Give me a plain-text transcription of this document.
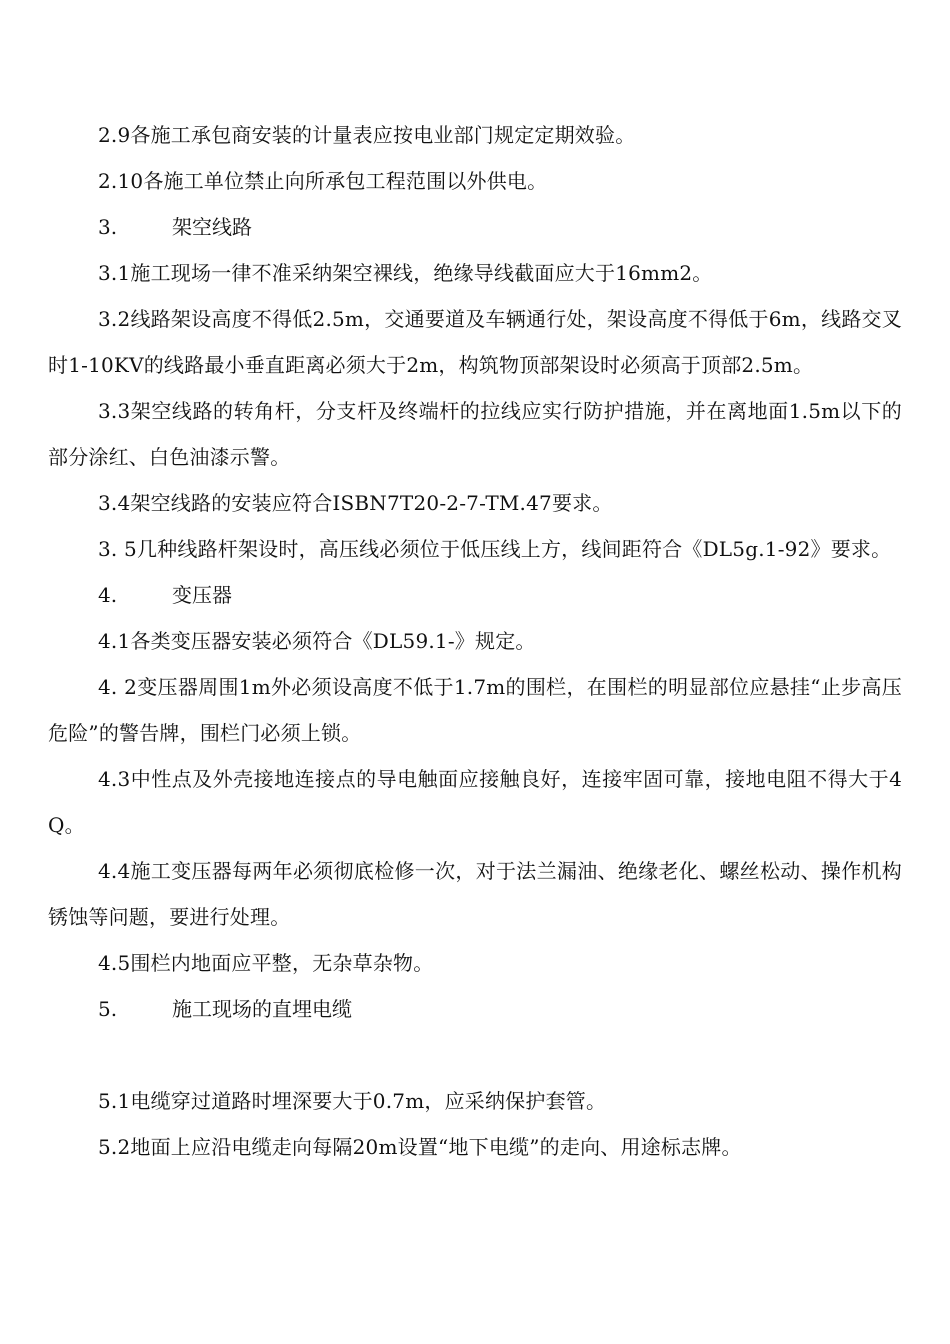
2.9各施工承包商安装的计量表应按电业部门规定定期效验。

2.10各施工单位禁止向所承包工程范围以外供电。

3.	架空线路

3.1施工现场一律不准采纳架空裸线，绝缘导线截面应大于16mm2。

3.2线路架设高度不得低2.5m，交通要道及车辆通行处，架设高度不得低于6m，线路交叉时1-10KV的线路最小垂直距离必须大于2m，构筑物顶部架设时必须高于顶部2.5m。

3.3架空线路的转角杆，分支杆及终端杆的拉线应实行防护措施，并在离地面1.5m以下的部分涂红、白色油漆示警。

3.4架空线路的安装应符合ISBN7T20-2-7-TM.47要求。

3. 5几种线路杆架设时，高压线必须位于低压线上方，线间距符合《DL5g.1-92》要求。

4.	变压器

4.1各类变压器安装必须符合《DL59.1-》规定。

4. 2变压器周围1m外必须设高度不低于1.7m的围栏，在围栏的明显部位应悬挂“止步高压危险”的警告牌，围栏门必须上锁。

4.3中性点及外壳接地连接点的导电触面应接触良好，连接牢固可靠，接地电阻不得大于4Q。

4.4施工变压器每两年必须彻底检修一次，对于法兰漏油、绝缘老化、螺丝松动、操作机构锈蚀等问题，要进行处理。

4.5围栏内地面应平整，无杂草杂物。

5.	施工现场的直埋电缆

5.1电缆穿过道路时埋深要大于0.7m，应采纳保护套管。

5.2地面上应沿电缆走向每隔20m设置“地下电缆”的走向、用途标志牌。
